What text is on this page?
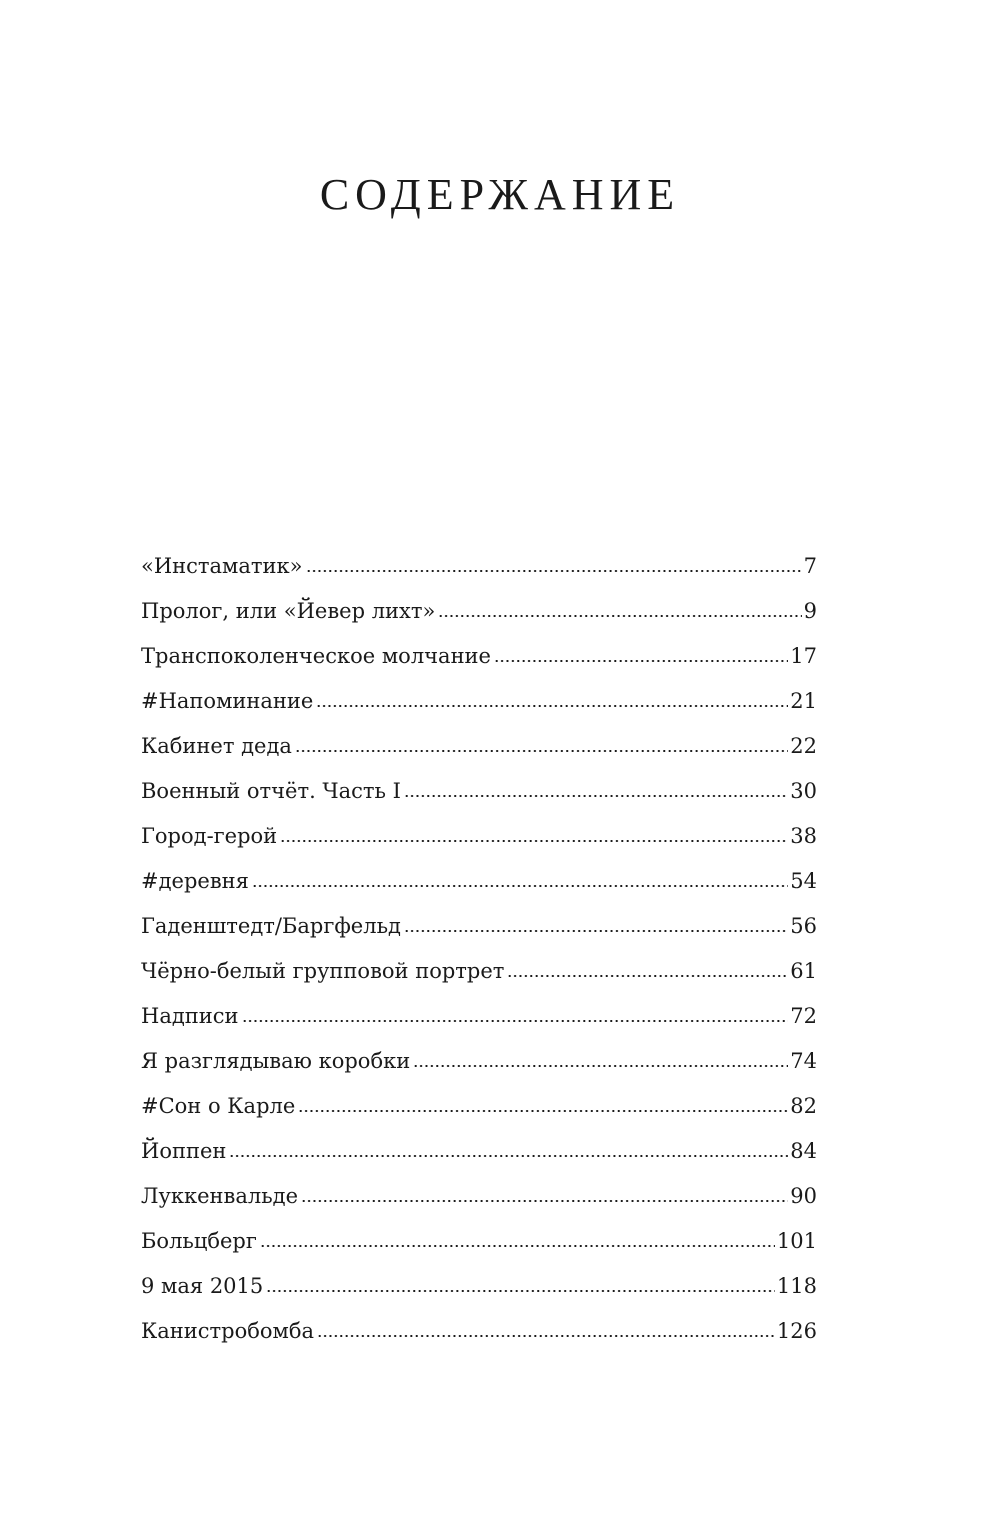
СОДЕРЖАНИЕ
«Инстаматик»	7
Пролог, или «Йевер лихт»	9
Транспоколенческое молчание	17
#Напоминание	21
Кабинет деда	22
Военный отчёт. Часть I	30
Город-герой	38
#деревня	54
Гаденштедт/Баргфельд	56
Чёрно-белый групповой портрет	61
Надписи	72
Я разглядываю коробки	74
#Сон о Карле	82
Йоппен	84
Луккенвальде	90
Больцберг	101
9 мая 2015	118
Канистробомба	126
